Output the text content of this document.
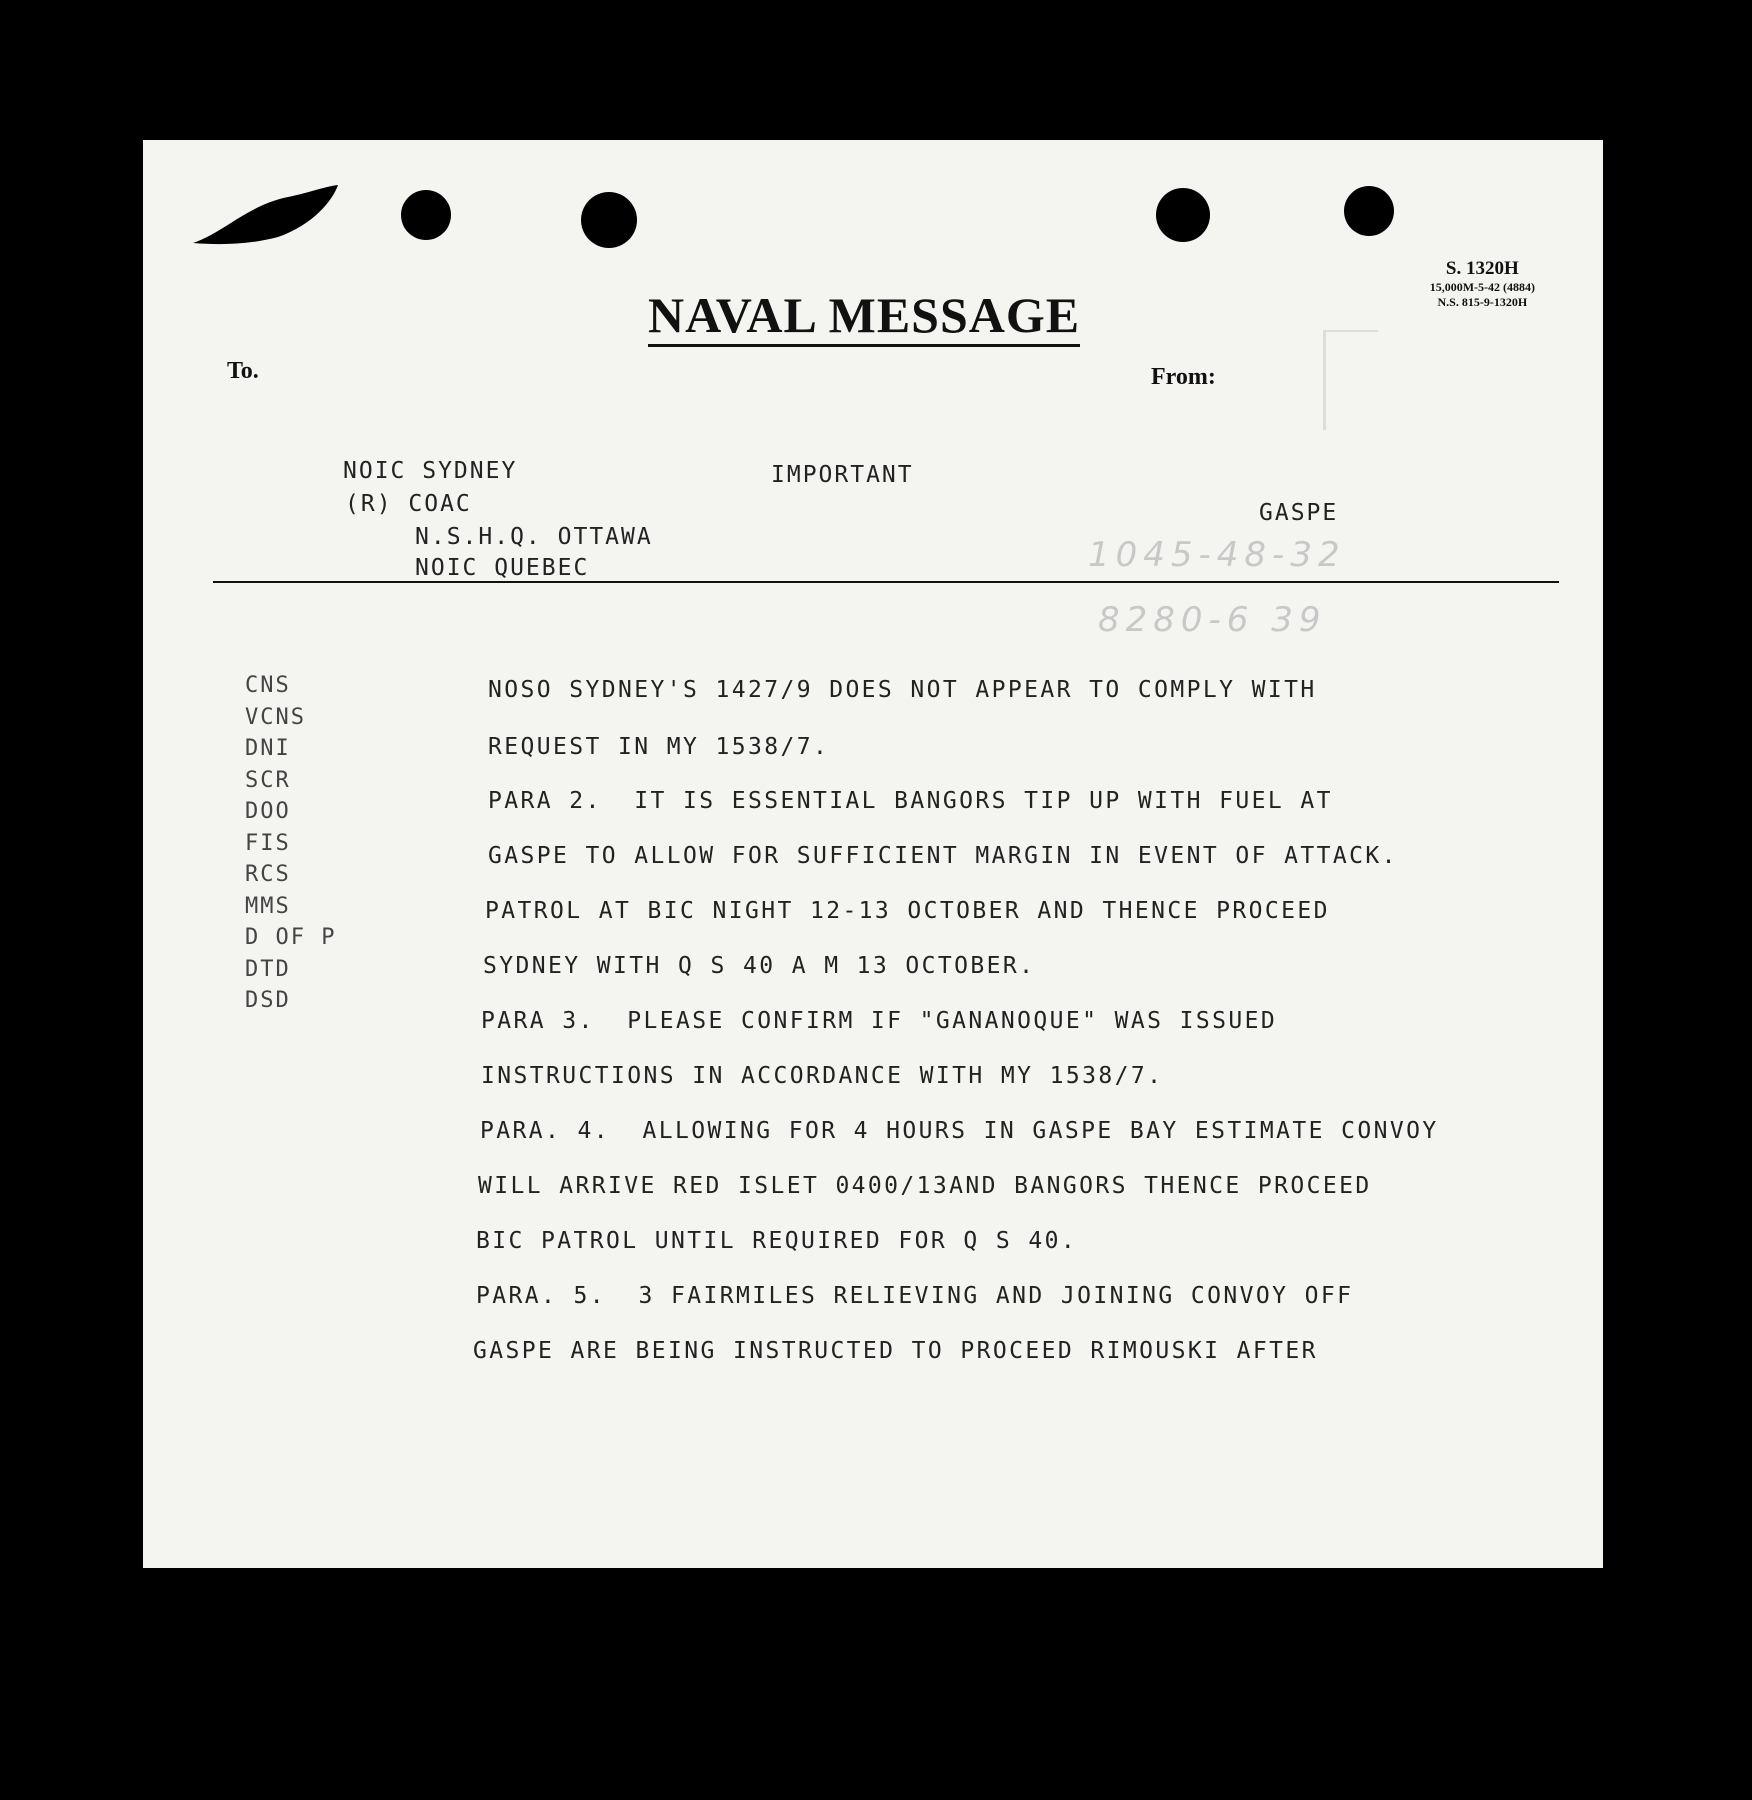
S. 1320H
15,000M-5-42 (4884)
N.S. 815-9-1320H
NAVAL MESSAGE
To.	From:
NOIC SYDNEY
(R) COAC
N.S.H.Q. OTTAWA
NOIC QUEBEC
IMPORTANT
GASPE
1045-48-32
8280-6 39
CNS
VCNS
DNI
SCR
DOO
FIS
RCS
MMS
D OF P
DTD
DSD
NOSO SYDNEY'S 1427/9 DOES NOT APPEAR TO COMPLY WITH
REQUEST IN MY 1538/7.
PARA 2.  IT IS ESSENTIAL BANGORS TIP UP WITH FUEL AT
GASPE TO ALLOW FOR SUFFICIENT MARGIN IN EVENT OF ATTACK.
PATROL AT BIC NIGHT 12-13 OCTOBER AND THENCE PROCEED
SYDNEY WITH Q S 40 A M 13 OCTOBER.
PARA 3.  PLEASE CONFIRM IF "GANANOQUE" WAS ISSUED
INSTRUCTIONS IN ACCORDANCE WITH MY 1538/7.
PARA. 4.  ALLOWING FOR 4 HOURS IN GASPE BAY ESTIMATE CONVOY
WILL ARRIVE RED ISLET 0400/13AND BANGORS THENCE PROCEED
BIC PATROL UNTIL REQUIRED FOR Q S 40.
PARA. 5.  3 FAIRMILES RELIEVING AND JOINING CONVOY OFF
GASPE ARE BEING INSTRUCTED TO PROCEED RIMOUSKI AFTER
